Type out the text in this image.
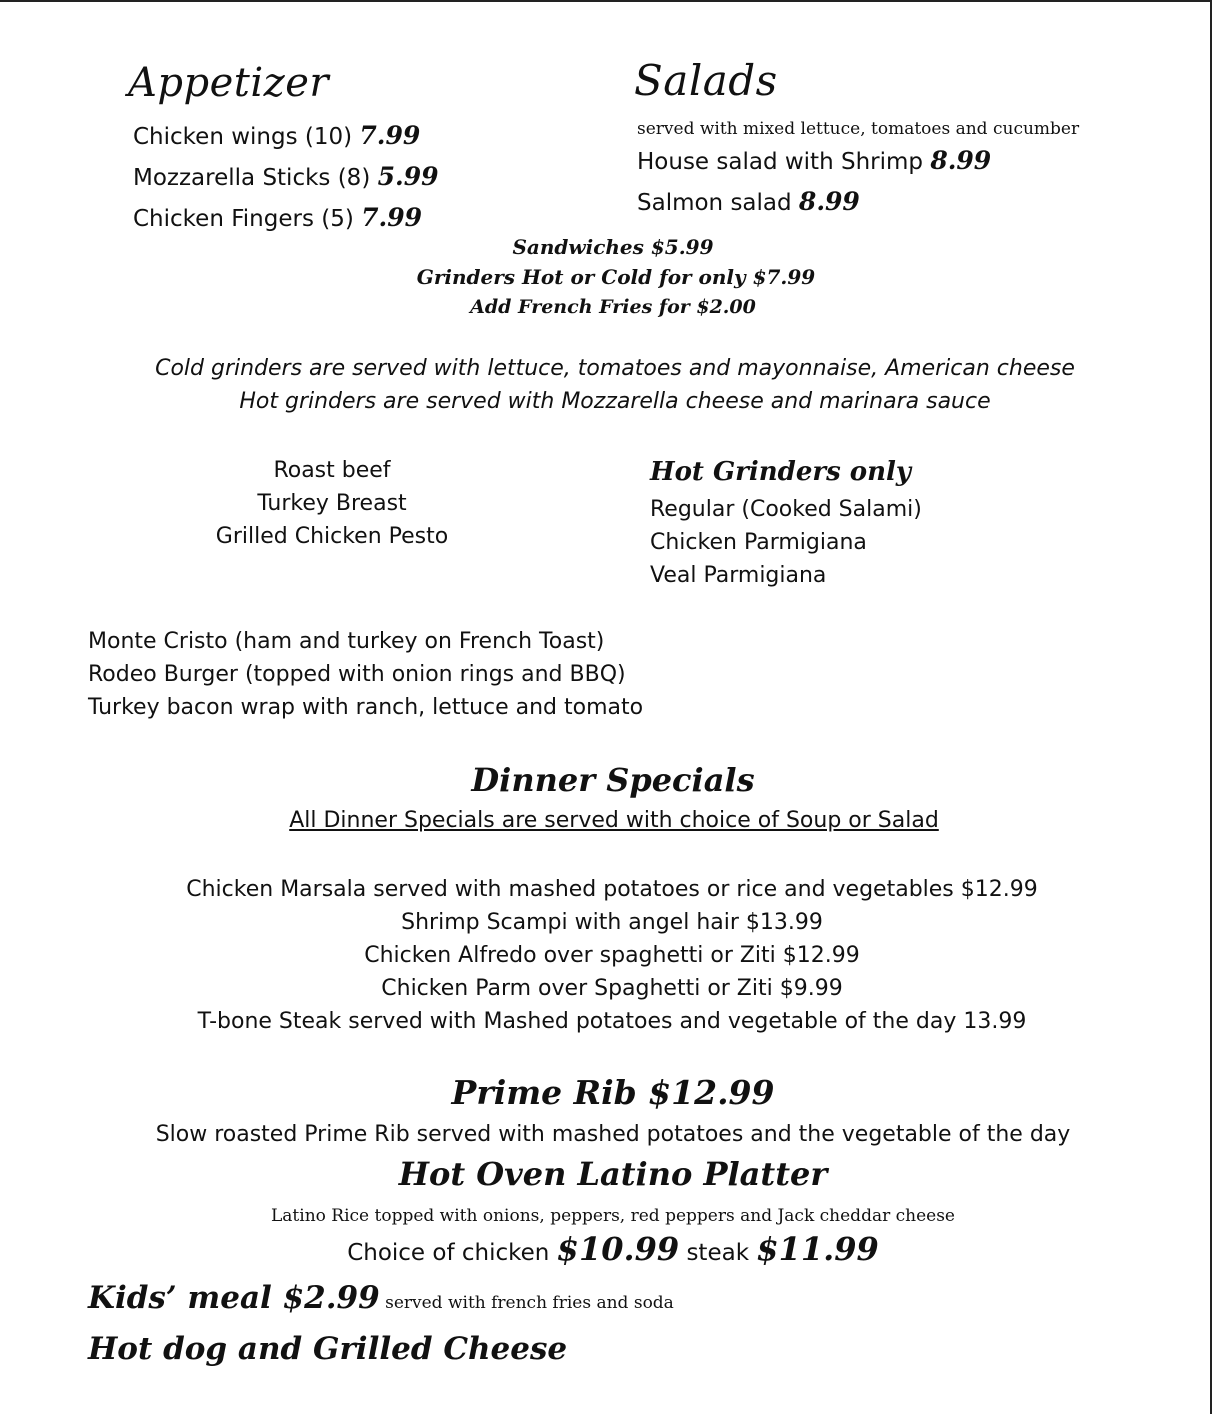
Appetizer
Chicken wings (10) 7.99
Mozzarella Sticks (8) 5.99
Chicken Fingers (5) 7.99
Salads
served with mixed lettuce, tomatoes and cucumber
House salad with Shrimp 8.99
Salmon salad 8.99
Sandwiches $5.99
Grinders Hot or Cold for only $7.99
Add French Fries for $2.00
Cold grinders are served with lettuce, tomatoes and mayonnaise, American cheese
Hot grinders are served with Mozzarella cheese and marinara sauce
Roast beef
Turkey Breast
Grilled Chicken Pesto
Hot Grinders only
Regular (Cooked Salami)
Chicken Parmigiana
Veal Parmigiana
Monte Cristo (ham and turkey on French Toast)
Rodeo Burger (topped with onion rings and BBQ)
Turkey bacon wrap with ranch, lettuce and tomato
Dinner Specials
All Dinner Specials are served with choice of Soup or Salad
Chicken Marsala served with mashed potatoes or rice and vegetables $12.99
Shrimp Scampi with angel hair $13.99
Chicken Alfredo over spaghetti or Ziti $12.99
Chicken Parm over Spaghetti or Ziti $9.99
T-bone Steak served with Mashed potatoes and vegetable of the day 13.99
Prime Rib $12.99
Slow roasted Prime Rib served with mashed potatoes and the vegetable of the day
Hot Oven Latino Platter
Latino Rice topped with onions, peppers, red peppers and Jack cheddar cheese
Choice of chicken $10.99 steak $11.99
Kids’ meal $2.99 served with french fries and soda
Hot dog and Grilled Cheese
